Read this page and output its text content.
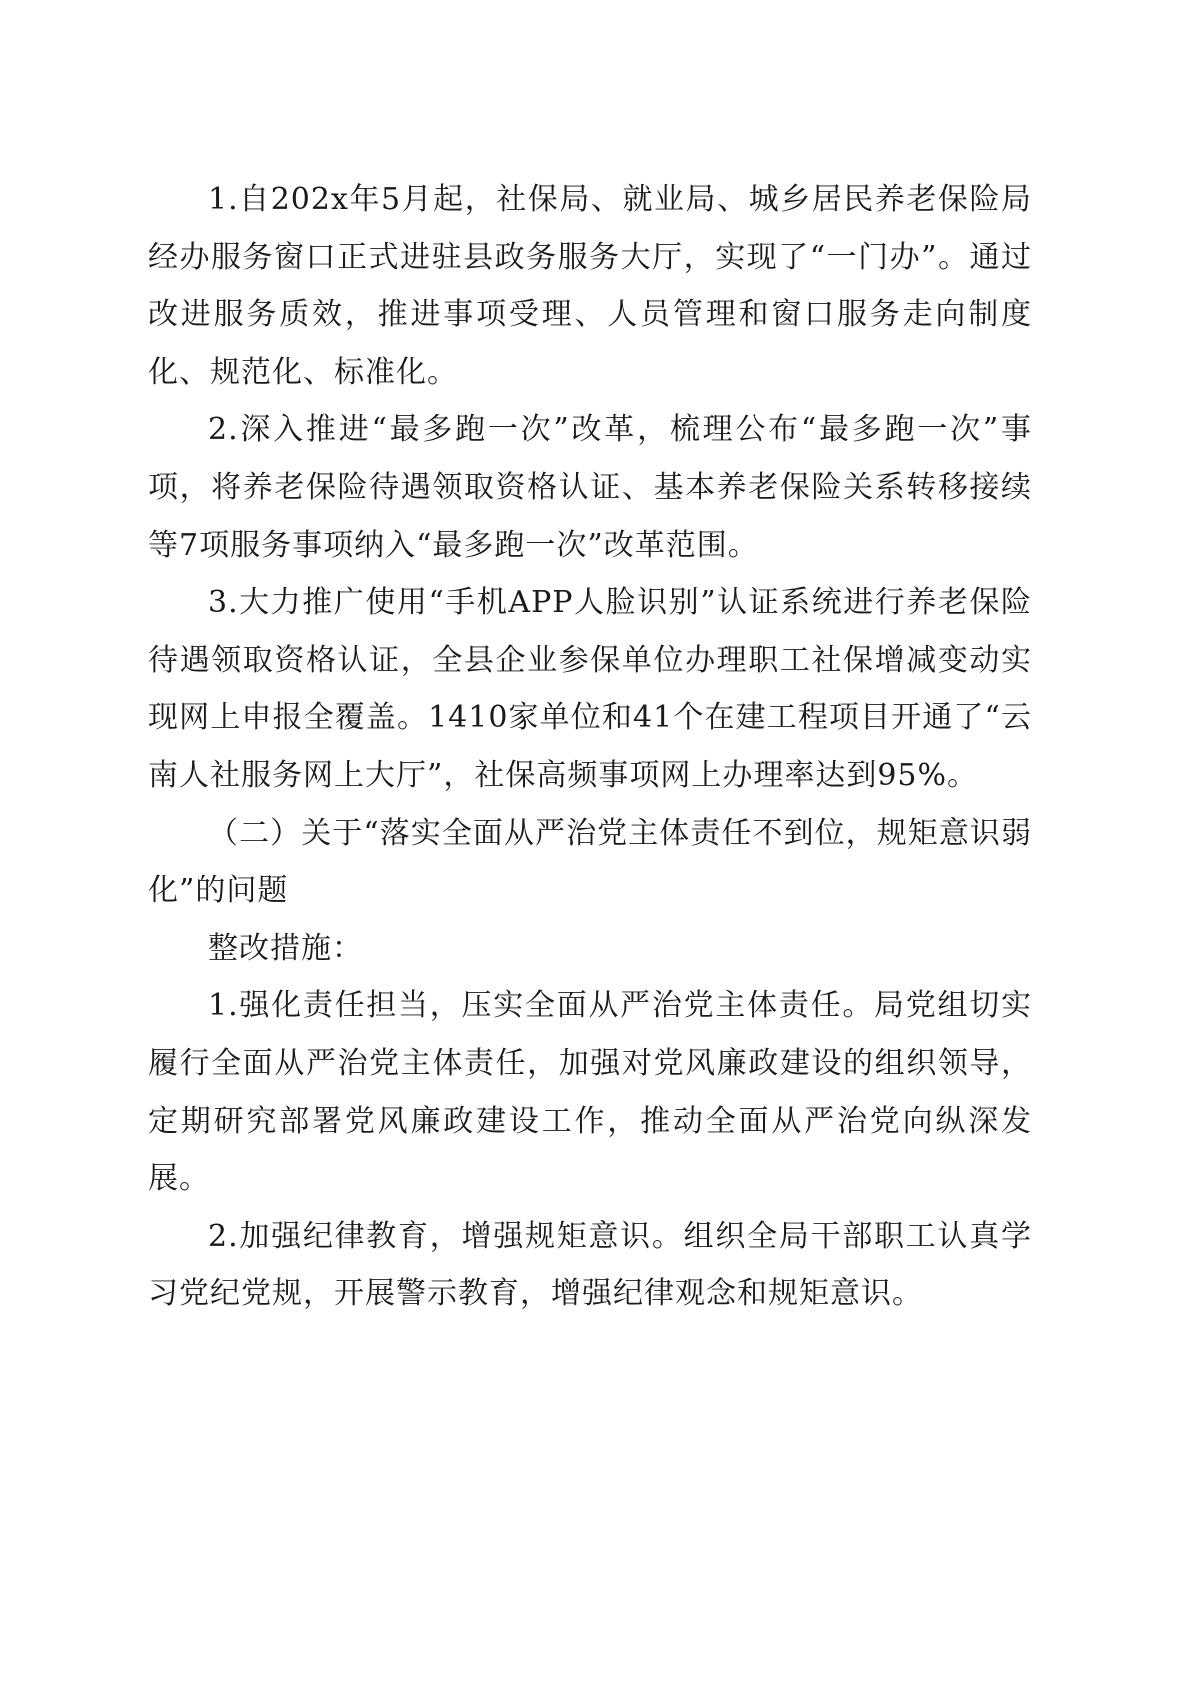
1.自202x年5月起，社保局、就业局、城乡居民养老保险局经办服务窗口正式进驻县政务服务大厅，实现了“一门办”。通过改进服务质效，推进事项受理、人员管理和窗口服务走向制度化、规范化、标准化。

2.深入推进“最多跑一次”改革，梳理公布“最多跑一次”事项，将养老保险待遇领取资格认证、基本养老保险关系转移接续等7项服务事项纳入“最多跑一次”改革范围。

3.大力推广使用“手机APP人脸识别”认证系统进行养老保险待遇领取资格认证，全县企业参保单位办理职工社保增减变动实现网上申报全覆盖。1410家单位和41个在建工程项目开通了“云南人社服务网上大厅”，社保高频事项网上办理率达到95%。

（二）关于“落实全面从严治党主体责任不到位，规矩意识弱化”的问题

整改措施：

1.强化责任担当，压实全面从严治党主体责任。局党组切实履行全面从严治党主体责任，加强对党风廉政建设的组织领导，定期研究部署党风廉政建设工作，推动全面从严治党向纵深发展。

2.加强纪律教育，增强规矩意识。组织全局干部职工认真学习党纪党规，开展警示教育，增强纪律观念和规矩意识。
